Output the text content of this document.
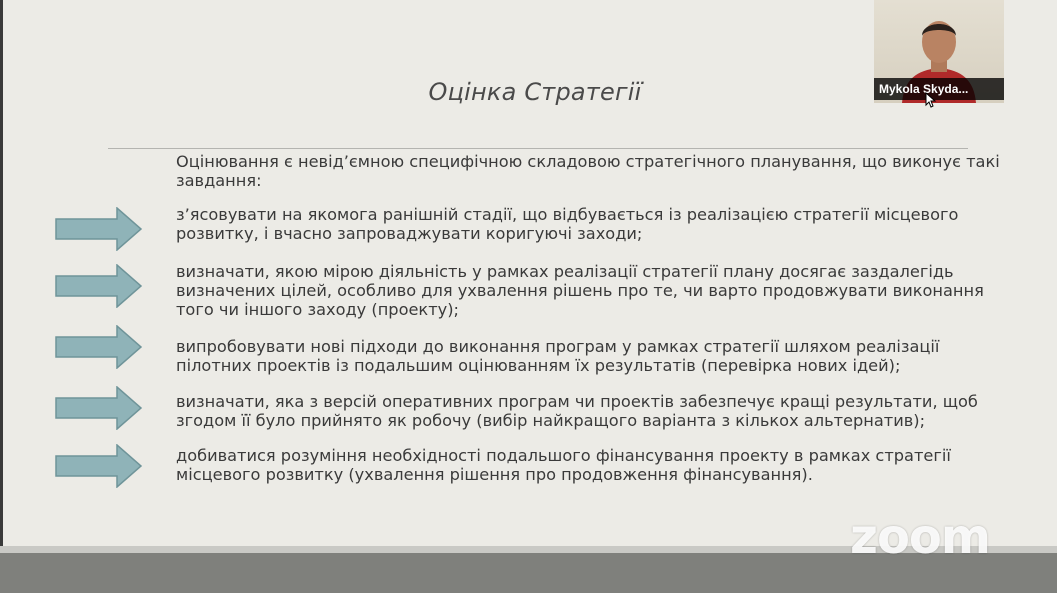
Оцінка Стратегії

Оцінювання є невід’ємною специфічною складовою стратегічного планування, що виконує такі завдання:

з’ясовувати на якомога ранішній стадії, що відбувається із реалізацією стратегії місцевого розвитку, і вчасно запроваджувати коригуючі заходи;

визначати, якою мірою діяльність у рамках реалізації стратегії плану досягає заздалегідь визначених цілей, особливо для ухвалення рішень про те, чи варто продовжувати виконання того чи іншого заходу (проекту);

випробовувати нові підходи до виконання програм у рамках стратегії шляхом реалізації пілотних проектів із подальшим оцінюванням їх результатів (перевірка нових ідей);

визначати, яка з версій оперативних програм чи проектів забезпечує кращі результати, щоб згодом її було прийнято як робочу (вибір найкращого варіанта з кількох альтернатив);

добиватися розуміння необхідності подальшого фінансування проекту в рамках стратегії місцевого розвитку (ухвалення рішення про продовження фінансування).

Mykola Skyda...
zoom
